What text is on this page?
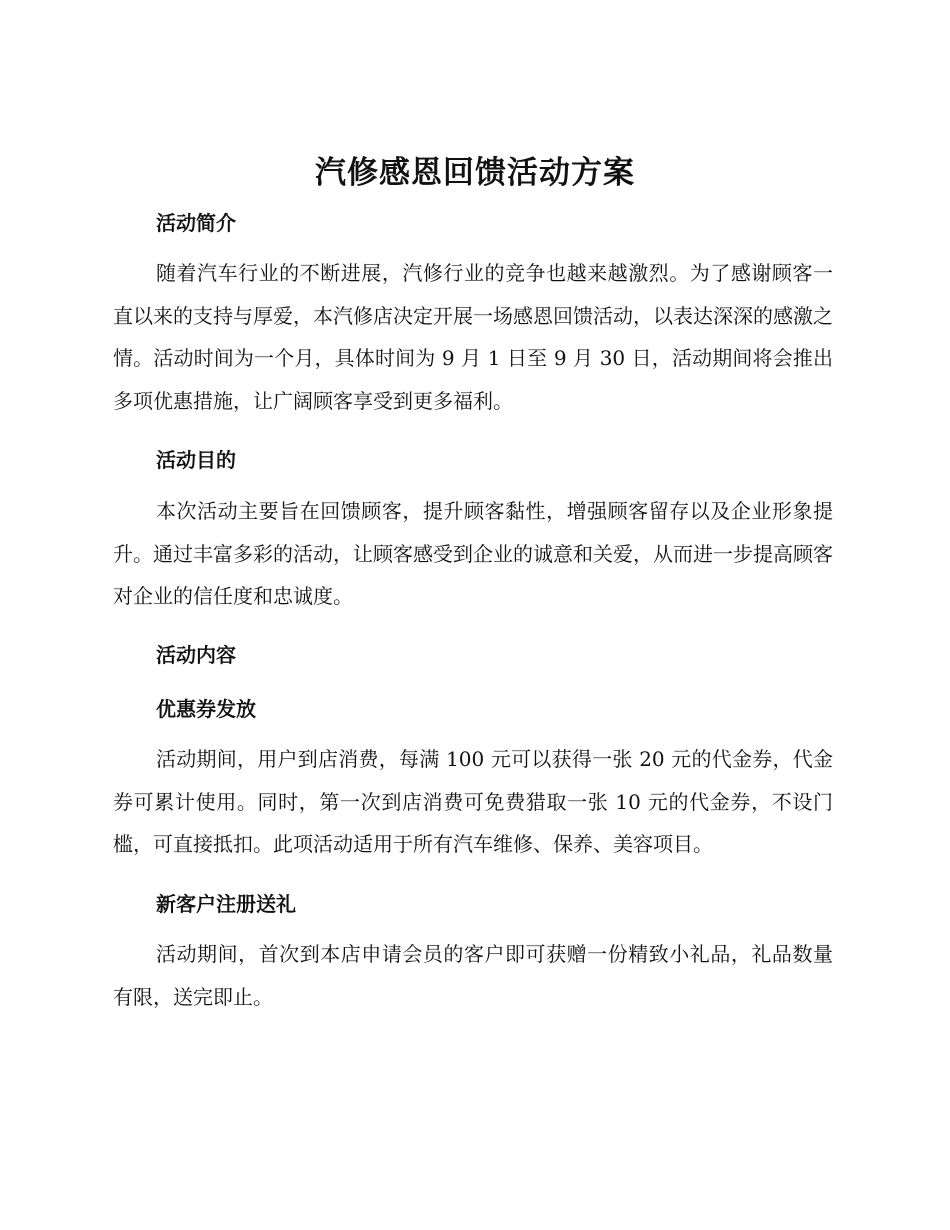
汽修感恩回馈活动方案
活动简介
随着汽车行业的不断进展，汽修行业的竞争也越来越激烈。为了感谢顾客一直以来的支持与厚爱，本汽修店决定开展一场感恩回馈活动，以表达深深的感激之情。活动时间为一个月，具体时间为 9 月 1 日至 9 月 30 日，活动期间将会推出多项优惠措施，让广阔顾客享受到更多福利。
活动目的
本次活动主要旨在回馈顾客，提升顾客黏性，增强顾客留存以及企业形象提升。通过丰富多彩的活动，让顾客感受到企业的诚意和关爱，从而进一步提高顾客对企业的信任度和忠诚度。
活动内容
优惠券发放
活动期间，用户到店消费，每满 100 元可以获得一张 20 元的代金券，代金券可累计使用。同时，第一次到店消费可免费猎取一张 10 元的代金券，不设门槛，可直接抵扣。此项活动适用于所有汽车维修、保养、美容项目。
新客户注册送礼
活动期间，首次到本店申请会员的客户即可获赠一份精致小礼品，礼品数量有限，送完即止。
